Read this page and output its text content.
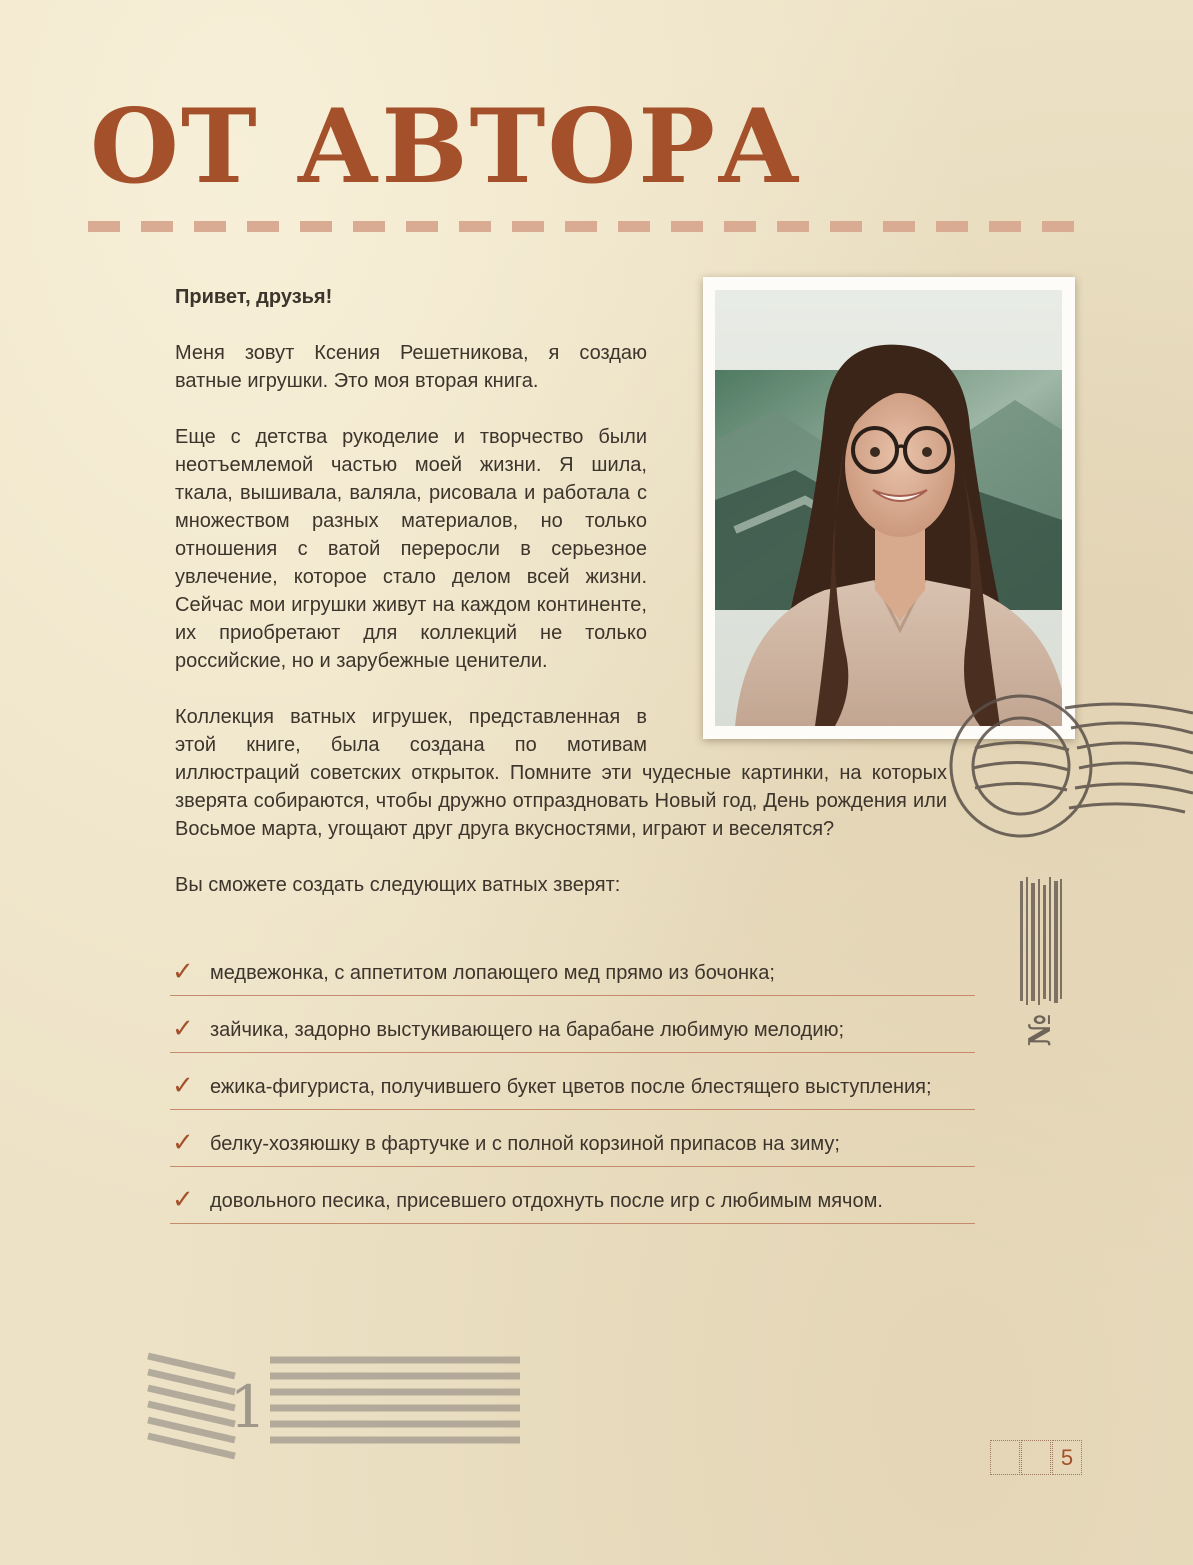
ОТ АВТОРА

Привет, друзья!

Меня зовут Ксения Решетникова, я создаю ватные игрушки. Это моя вторая книга.

Еще с детства рукоделие и творчество были неотъемлемой частью моей жизни. Я шила, ткала, вышивала, валяла, рисовала и работала с множеством разных материалов, но только отношения с ватой переросли в серьезное увлечение, которое стало делом всей жизни. Сейчас мои игрушки живут на каждом континенте, их приобретают для коллекций не только российские, но и зарубежные ценители.

Коллекция ватных игрушек, представленная в этой книге, была создана по мотивам иллюстраций советских открыток. Помните эти чудесные картинки, на которых зверята собираются, чтобы дружно отпраздновать Новый год, День рождения или Восьмое марта, угощают друг друга вкусностями, играют и веселятся?

Вы сможете создать следующих ватных зверят:

✓ медвежонка, с аппетитом лопающего мед прямо из бочонка;
✓ зайчика, задорно выстукивающего на барабане любимую мелодию;
✓ ежика-фигуриста, получившего букет цветов после блестящего выступления;
✓ белку-хозяюшку в фартучке и с полной корзиной припасов на зиму;
✓ довольного песика, присевшего отдохнуть после игр с любимым мячом.
№
1
5
